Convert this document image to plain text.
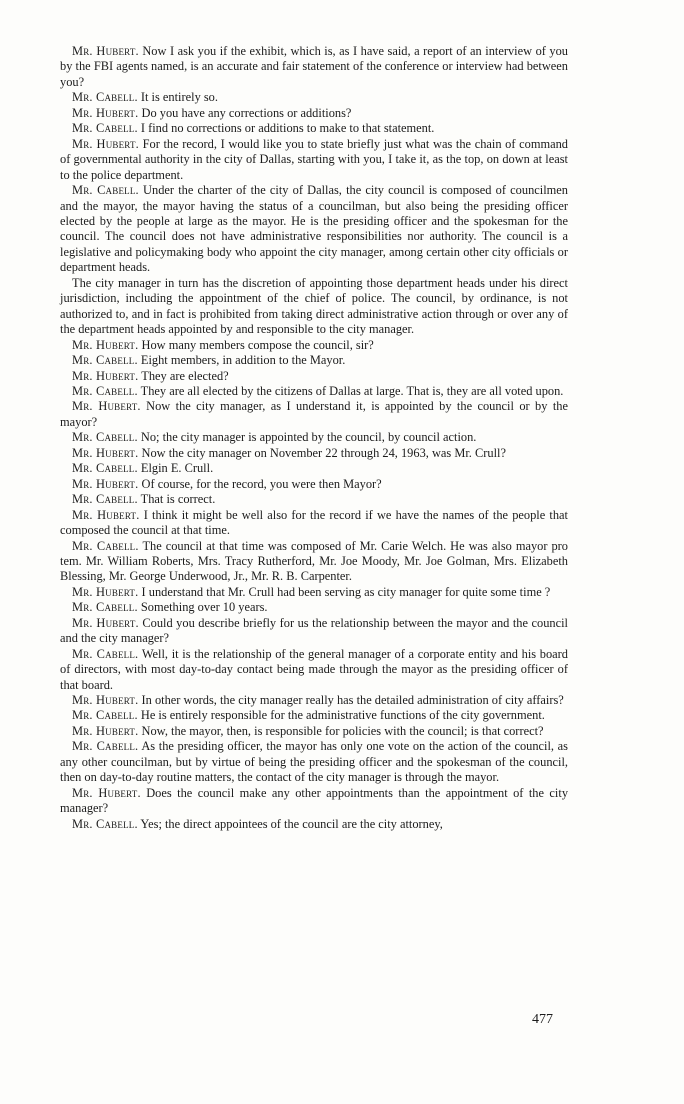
Mr. Hubert. Now I ask you if the exhibit, which is, as I have said, a report of an interview of you by the FBI agents named, is an accurate and fair statement of the conference or interview had between you?

Mr. Cabell. It is entirely so.

Mr. Hubert. Do you have any corrections or additions?

Mr. Cabell. I find no corrections or additions to make to that statement.

Mr. Hubert. For the record, I would like you to state briefly just what was the chain of command of governmental authority in the city of Dallas, starting with you, I take it, as the top, on down at least to the police department.

Mr. Cabell. Under the charter of the city of Dallas, the city council is composed of councilmen and the mayor, the mayor having the status of a councilman, but also being the presiding officer elected by the people at large as the mayor. He is the presiding officer and the spokesman for the council. The council does not have administrative responsibilities nor authority. The council is a legislative and policymaking body who appoint the city manager, among certain other city officials or department heads.

The city manager in turn has the discretion of appointing those department heads under his direct jurisdiction, including the appointment of the chief of police. The council, by ordinance, is not authorized to, and in fact is prohibited from taking direct administrative action through or over any of the department heads appointed by and responsible to the city manager.

Mr. Hubert. How many members compose the council, sir?

Mr. Cabell. Eight members, in addition to the Mayor.

Mr. Hubert. They are elected?

Mr. Cabell. They are all elected by the citizens of Dallas at large. That is, they are all voted upon.

Mr. Hubert. Now the city manager, as I understand it, is appointed by the council or by the mayor?

Mr. Cabell. No; the city manager is appointed by the council, by council action.

Mr. Hubert. Now the city manager on November 22 through 24, 1963, was Mr. Crull?

Mr. Cabell. Elgin E. Crull.

Mr. Hubert. Of course, for the record, you were then Mayor?

Mr. Cabell. That is correct.

Mr. Hubert. I think it might be well also for the record if we have the names of the people that composed the council at that time.

Mr. Cabell. The council at that time was composed of Mr. Carie Welch. He was also mayor pro tem. Mr. William Roberts, Mrs. Tracy Rutherford, Mr. Joe Moody, Mr. Joe Golman, Mrs. Elizabeth Blessing, Mr. George Underwood, Jr., Mr. R. B. Carpenter.

Mr. Hubert. I understand that Mr. Crull had been serving as city manager for quite some time ?

Mr. Cabell. Something over 10 years.

Mr. Hubert. Could you describe briefly for us the relationship between the mayor and the council and the city manager?

Mr. Cabell. Well, it is the relationship of the general manager of a corporate entity and his board of directors, with most day-to-day contact being made through the mayor as the presiding officer of that board.

Mr. Hubert. In other words, the city manager really has the detailed administration of city affairs?

Mr. Cabell. He is entirely responsible for the administrative functions of the city government.

Mr. Hubert. Now, the mayor, then, is responsible for policies with the council; is that correct?

Mr. Cabell. As the presiding officer, the mayor has only one vote on the action of the council, as any other councilman, but by virtue of being the presiding officer and the spokesman of the council, then on day-to-day routine matters, the contact of the city manager is through the mayor.

Mr. Hubert. Does the council make any other appointments than the appointment of the city manager?

Mr. Cabell. Yes; the direct appointees of the council are the city attorney,

477
